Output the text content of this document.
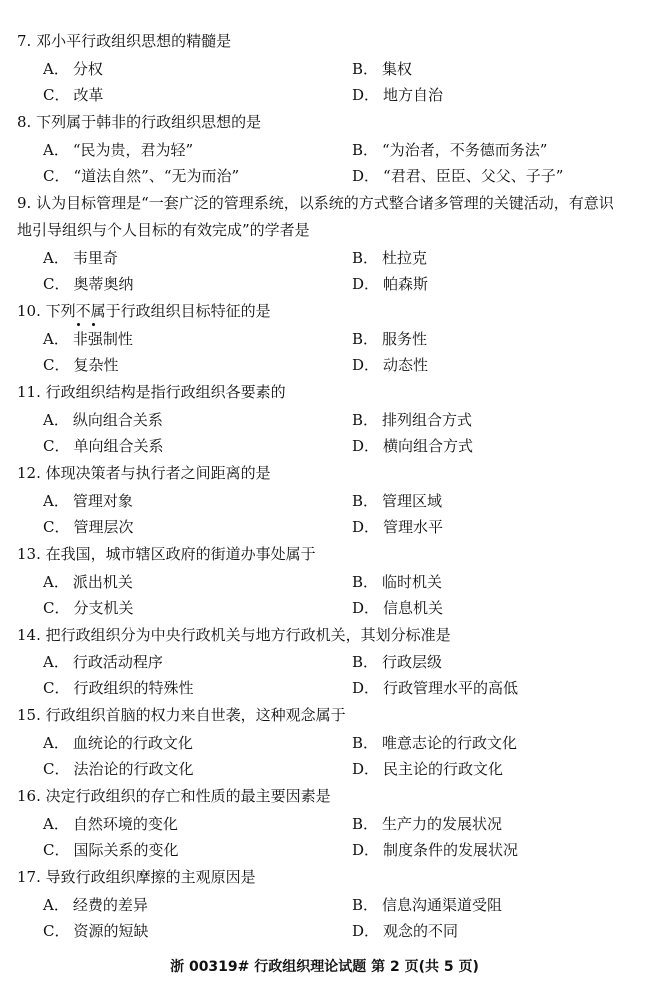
7. 邓小平行政组织思想的精髓是
A． 分权	B． 集权
C． 改革	D． 地方自治
8. 下列属于韩非的行政组织思想的是
A． “民为贵，君为轻”	B． “为治者，不务德而务法”
C． “道法自然”、“无为而治”	D． “君君、臣臣、父父、子子”
9. 认为目标管理是“一套广泛的管理系统，以系统的方式整合诸多管理的关键活动，有意识地引导组织与个人目标的有效完成”的学者是
A． 韦里奇	B． 杜拉克
C． 奥蒂奥纳	D． 帕森斯
10. 下列不属于行政组织目标特征的是
A． 非强制性	B． 服务性
C． 复杂性	D． 动态性
11. 行政组织结构是指行政组织各要素的
A． 纵向组合关系	B． 排列组合方式
C． 单向组合关系	D． 横向组合方式
12. 体现决策者与执行者之间距离的是
A． 管理对象	B． 管理区域
C． 管理层次	D． 管理水平
13. 在我国，城市辖区政府的街道办事处属于
A． 派出机关	B． 临时机关
C． 分支机关	D． 信息机关
14. 把行政组织分为中央行政机关与地方行政机关，其划分标准是
A． 行政活动程序	B． 行政层级
C． 行政组织的特殊性	D． 行政管理水平的高低
15. 行政组织首脑的权力来自世袭，这种观念属于
A． 血统论的行政文化	B． 唯意志论的行政文化
C． 法治论的行政文化	D． 民主论的行政文化
16. 决定行政组织的存亡和性质的最主要因素是
A． 自然环境的变化	B． 生产力的发展状况
C． 国际关系的变化	D． 制度条件的发展状况
17. 导致行政组织摩擦的主观原因是
A． 经费的差异	B． 信息沟通渠道受阻
C． 资源的短缺	D． 观念的不同
浙 00319# 行政组织理论试题 第 2 页(共 5 页)
